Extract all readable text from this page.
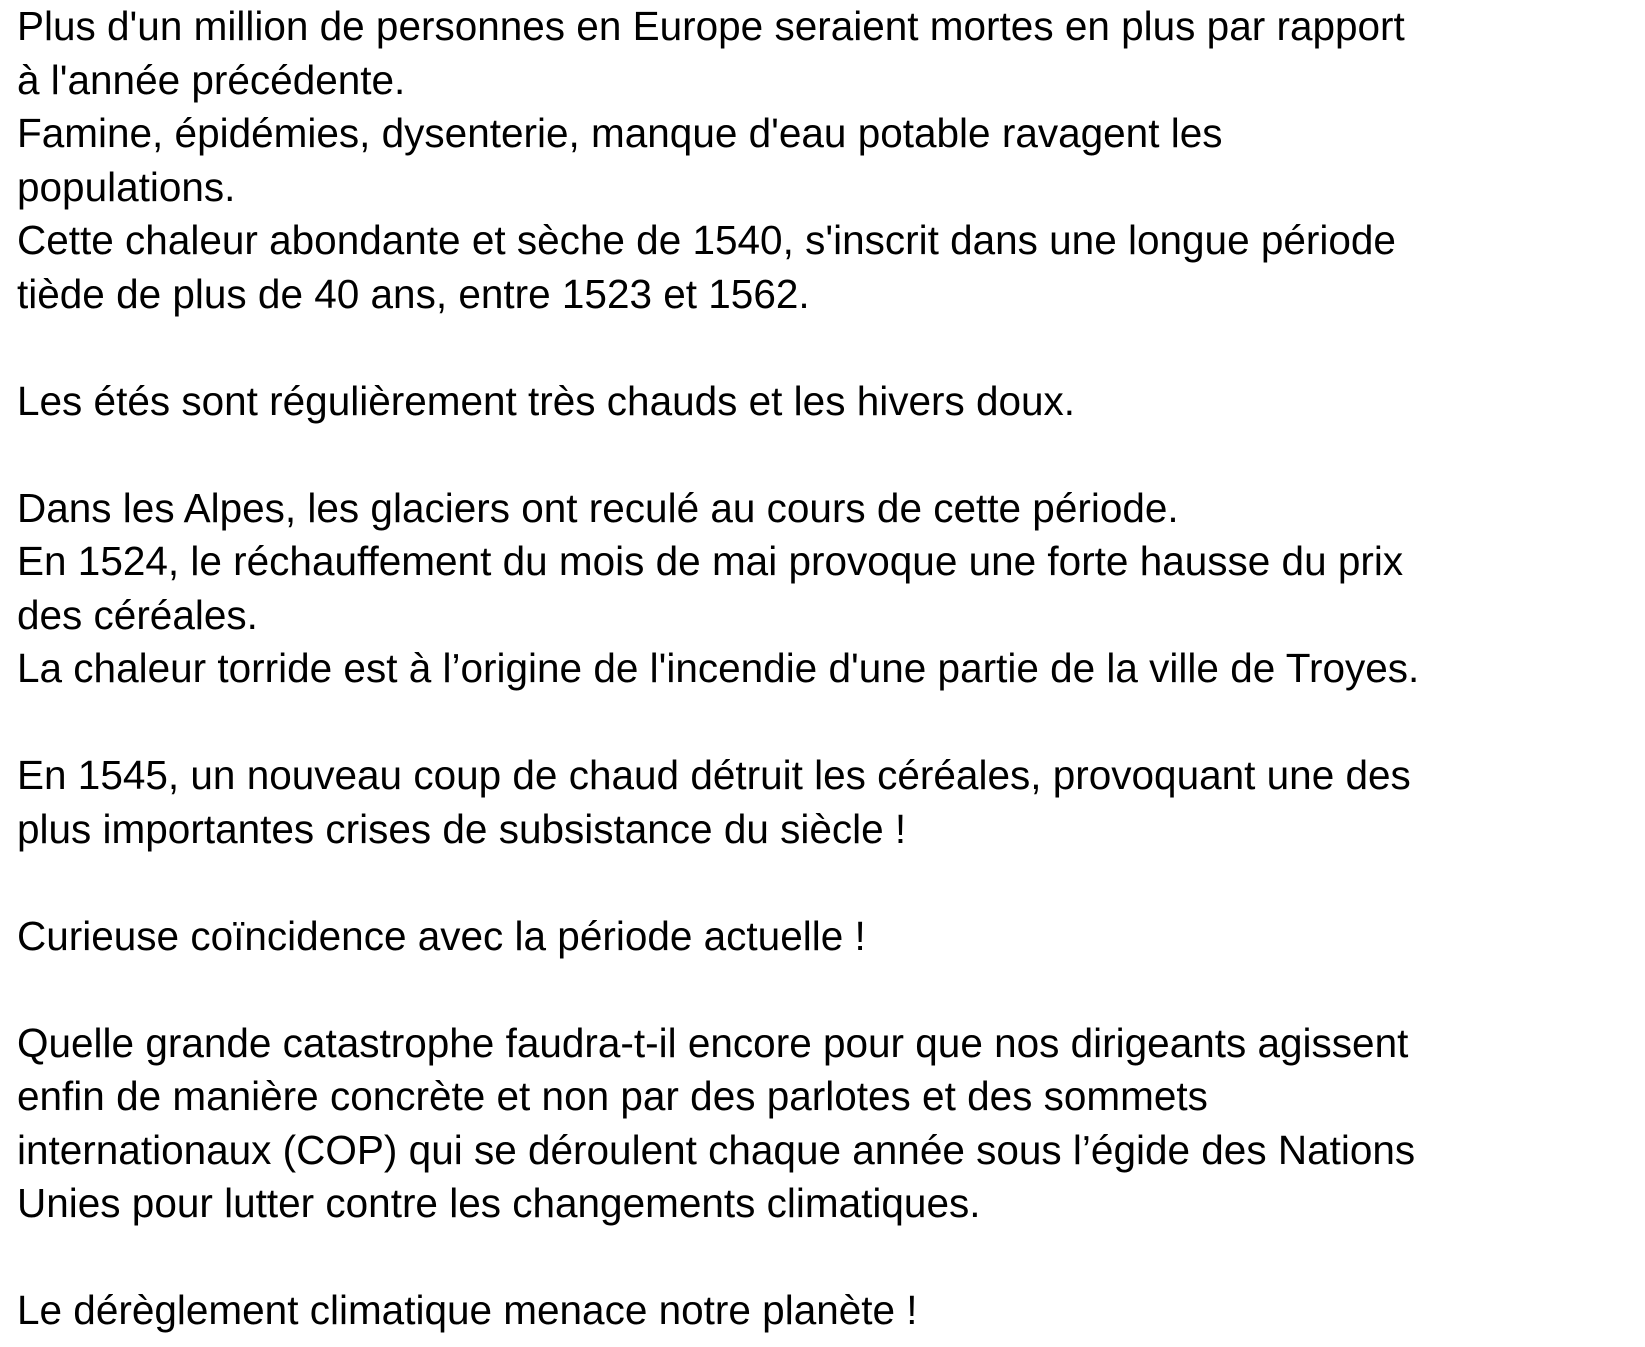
Plus d'un million de personnes en Europe seraient mortes en plus par rapport
à l'année précédente.
Famine, épidémies, dysenterie, manque d'eau potable ravagent les
populations.
Cette chaleur abondante et sèche de 1540, s'inscrit dans une longue période
tiède de plus de 40 ans, entre 1523 et 1562.
Les étés sont régulièrement très chauds et les hivers doux.
Dans les Alpes, les glaciers ont reculé au cours de cette période.
En 1524, le réchauffement du mois de mai provoque une forte hausse du prix
des céréales.
La chaleur torride est à l’origine de l'incendie d'une partie de la ville de Troyes.
En 1545, un nouveau coup de chaud détruit les céréales, provoquant une des
plus importantes crises de subsistance du siècle !
Curieuse coïncidence avec la période actuelle !
Quelle grande catastrophe faudra-t-il encore pour que nos dirigeants agissent
enfin de manière concrète et non par des parlotes et des sommets
internationaux (COP) qui se déroulent chaque année sous l’égide des Nations
Unies pour lutter contre les changements climatiques.
Le dérèglement climatique menace notre planète !
